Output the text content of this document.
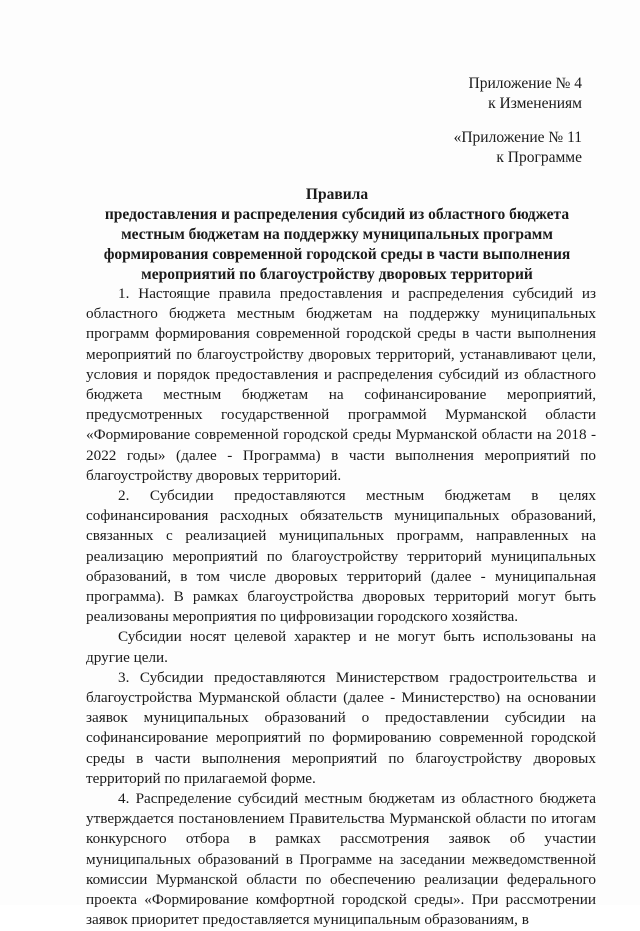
Приложение № 4
к Изменениям
«Приложение № 11
к Программе
Правила
предоставления и распределения субсидий из областного бюджета
местным бюджетам на поддержку муниципальных программ
формирования современной городской среды в части выполнения
мероприятий по благоустройству дворовых территорий

1. Настоящие правила предоставления и распределения субсидий из областного бюджета местным бюджетам на поддержку муниципальных программ формирования современной городской среды в части выполнения мероприятий по благоустройству дворовых территорий, устанавливают цели, условия и порядок предоставления и распределения субсидий из областного бюджета местным бюджетам на софинансирование мероприятий, предусмотренных государственной программой Мурманской области «Формирование современной городской среды Мурманской области на 2018 - 2022 годы» (далее - Программа) в части выполнения мероприятий по благоустройству дворовых территорий.

2. Субсидии предоставляются местным бюджетам в целях софинансирования расходных обязательств муниципальных образований, связанных с реализацией муниципальных программ, направленных на реализацию мероприятий по благоустройству территорий муниципальных образований, в том числе дворовых территорий (далее - муниципальная программа). В рамках благоустройства дворовых территорий могут быть реализованы мероприятия по цифровизации городского хозяйства.

Субсидии носят целевой характер и не могут быть использованы на другие цели.

3. Субсидии предоставляются Министерством градостроительства и благоустройства Мурманской области (далее - Министерство) на основании заявок муниципальных образований о предоставлении субсидии на софинансирование мероприятий по формированию современной городской среды в части выполнения мероприятий по благоустройству дворовых территорий по прилагаемой форме.

4. Распределение субсидий местным бюджетам из областного бюджета утверждается постановлением Правительства Мурманской области по итогам конкурсного отбора в рамках рассмотрения заявок об участии муниципальных образований в Программе на заседании межведомственной комиссии Мурманской области по обеспечению реализации федерального проекта «Формирование комфортной городской среды». При рассмотрении заявок приоритет предоставляется муниципальным образованиям, в
